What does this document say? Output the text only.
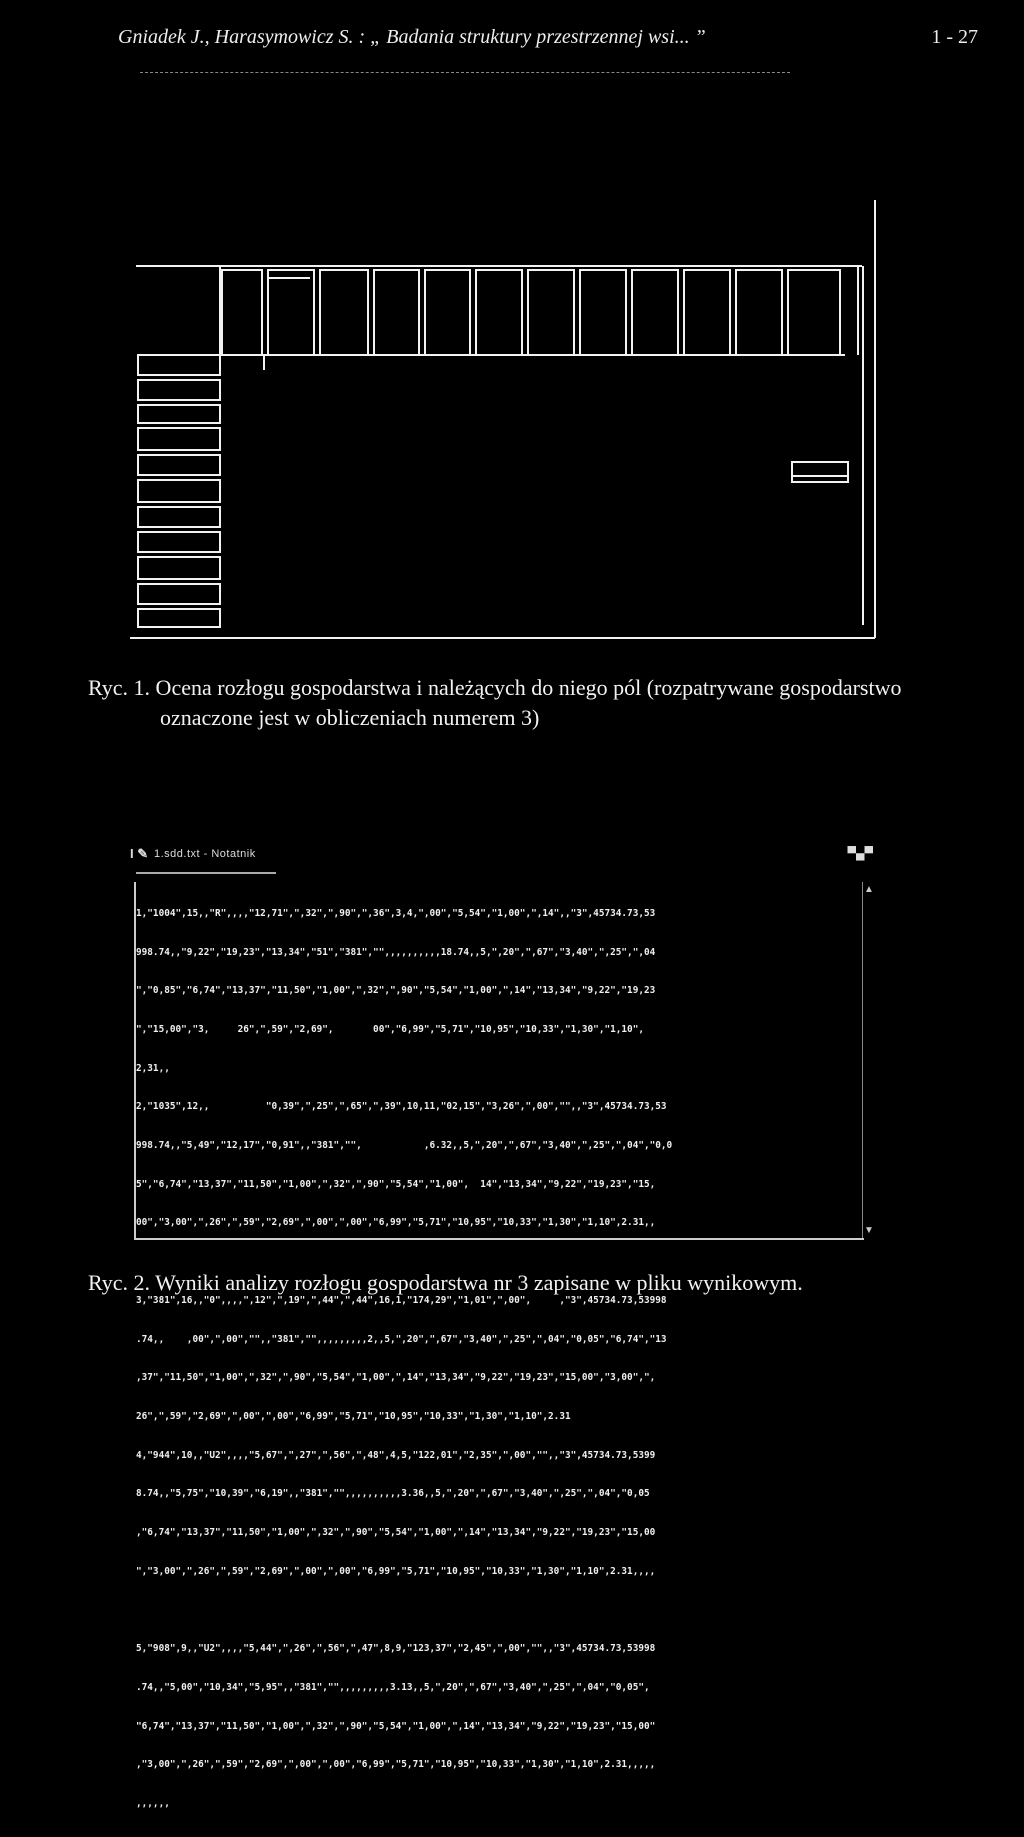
Gniadek J., Harasymowicz S. : „ Badania struktury przestrzennej wsi... ”	1 - 27
Ryc. 1. Ocena rozłogu gospodarstwa i należących do niego pól (rozpatrywane gospodarstwo
oznaczone jest w obliczeniach numerem 3)
I ✎ 1.sdd.txt - Notatnik	▀▄▀

1,"1004",15,,"R",,,,"12,71",",32",",90",",36",3,4,",00","5,54","1,00",",14",,"3",45734.73,53

998.74,,"9,22","19,23","13,34","51","381","",,,,,,,,,,18.74,,5,",20",",67","3,40",",25",",04

","0,85","6,74","13,37","11,50","1,00",",32",",90","5,54","1,00",",14","13,34","9,22","19,23

","15,00","3,     26",",59","2,69",       00","6,99","5,71","10,95","10,33","1,30","1,10",

2,31,,

2,"1035",12,,          "0,39",",25",",65",",39",10,11,"02,15","3,26",",00","",,"3",45734.73,53

998.74,,"5,49","12,17","0,91",,"381","",           ,6.32,,5,",20",",67","3,40",",25",",04","0,0

5","6,74","13,37","11,50","1,00",",32",",90","5,54","1,00",  14","13,34","9,22","19,23","15,

00","3,00",",26",",59","2,69",",00",",00","6,99","5,71","10,95","10,33","1,30","1,10",2.31,,

3,"381",16,,"0",,,,",12",",19",",44",",44",16,1,"174,29","1,01",",00",     ,"3",45734.73,53998

.74,,    ,00",",00","",,"381","",,,,,,,,,2,,5,",20",",67","3,40",",25",",04","0,05","6,74","13

,37","11,50","1,00",",32",",90","5,54","1,00",",14","13,34","9,22","19,23","15,00","3,00",",

26",",59","2,69",",00",",00","6,99","5,71","10,95","10,33","1,30","1,10",2.31

4,"944",10,,"U2",,,,"5,67",",27",",56",",48",4,5,"122,01","2,35",",00","",,"3",45734.73,5399

8.74,,"5,75","10,39","6,19",,"381","",,,,,,,,,,3.36,,5,",20",",67","3,40",",25",",04","0,05

,"6,74","13,37","11,50","1,00",",32",",90","5,54","1,00",",14","13,34","9,22","19,23","15,00

","3,00",",26",",59","2,69",",00",",00","6,99","5,71","10,95","10,33","1,30","1,10",2.31,,,,

5,"908",9,,"U2",,,,"5,44",",26",",56",",47",8,9,"123,37","2,45",",00","",,"3",45734.73,53998

.74,,"5,00","10,34","5,95",,"381","",,,,,,,,,3.13,,5,",20",",67","3,40",",25",",04","0,05",

"6,74","13,37","11,50","1,00",",32",",90","5,54","1,00",",14","13,34","9,22","19,23","15,00"

,"3,00",",26",",59","2,69",",00",",00","6,99","5,71","10,95","10,33","1,30","1,10",2.31,,,,,

,,,,,,

▲
▼
Ryc. 2. Wyniki analizy rozłogu gospodarstwa nr 3 zapisane w pliku wynikowym.
